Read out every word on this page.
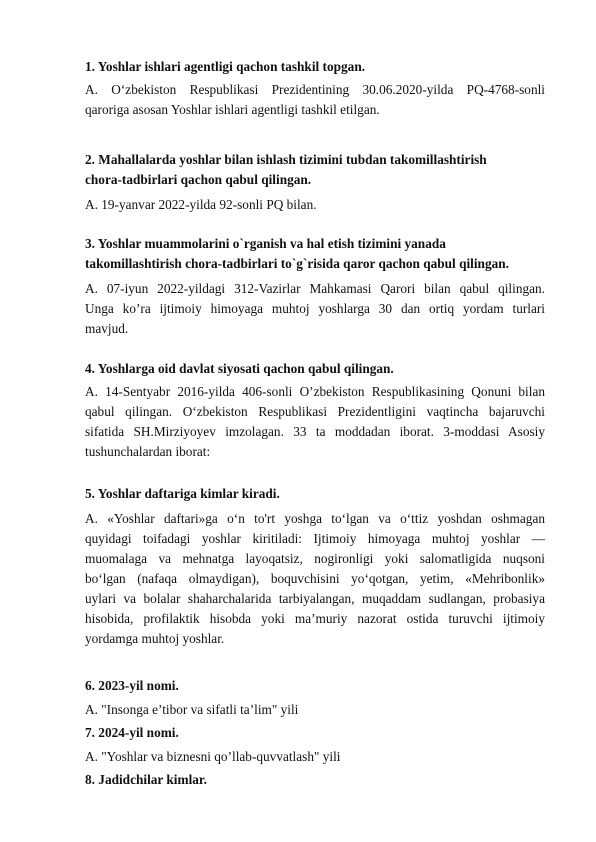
1. Yoshlar ishlari agentligi qachon tashkil topgan.
A. O‘zbekiston Respublikasi Prezidentining 30.06.2020-yilda PQ-4768-sonli
qaroriga asosan Yoshlar ishlari agentligi tashkil etilgan.
2. Mahallalarda yoshlar bilan ishlash tizimini tubdan takomillashtirish
chora-tadbirlari qachon qabul qilingan.
A. 19-yanvar 2022-yilda 92-sonli PQ bilan.
3. Yoshlar muammolarini o`rganish va hal etish tizimini yanada
takomillashtirish chora-tadbirlari to`g`risida qaror qachon qabul qilingan.
A. 07-iyun 2022-yildagi 312-Vazirlar Mahkamasi Qarori bilan qabul qilingan.
Unga ko’ra ijtimoiy himoyaga muhtoj yoshlarga 30 dan ortiq yordam turlari
mavjud.
4. Yoshlarga oid davlat siyosati qachon qabul qilingan.
A. 14-Sentyabr 2016-yilda 406-sonli O’zbekiston Respublikasining Qonuni bilan
qabul qilingan. O‘zbekiston Respublikasi Prezidentligini vaqtincha bajaruvchi
sifatida SH.Mirziyoyev imzolagan. 33 ta moddadan iborat. 3-moddasi Asosiy
tushunchalardan iborat:
5. Yoshlar daftariga kimlar kiradi.
A. «Yoshlar daftari»ga o‘n to'rt yoshga to‘lgan va o‘ttiz yoshdan oshmagan
quyidagi toifadagi yoshlar kiritiladi: Ijtimoiy himoyaga muhtoj yoshlar —
muomalaga va mehnatga layoqatsiz, nogironligi yoki salomatligida nuqsoni
bo‘lgan (nafaqa olmaydigan), boquvchisini yo‘qotgan, yetim, «Mehribonlik»
uylari va bolalar shaharchalarida tarbiyalangan, muqaddam sudlangan, probasiya
hisobida, profilaktik hisobda yoki ma’muriy nazorat ostida turuvchi ijtimoiy
yordamga muhtoj yoshlar.
6. 2023-yil nomi.
A. "Insonga e’tibor va sifatli ta’lim" yili
7. 2024-yil nomi.
A. "Yoshlar va biznesni qo’llab-quvvatlash" yili
8. Jadidchilar kimlar.
